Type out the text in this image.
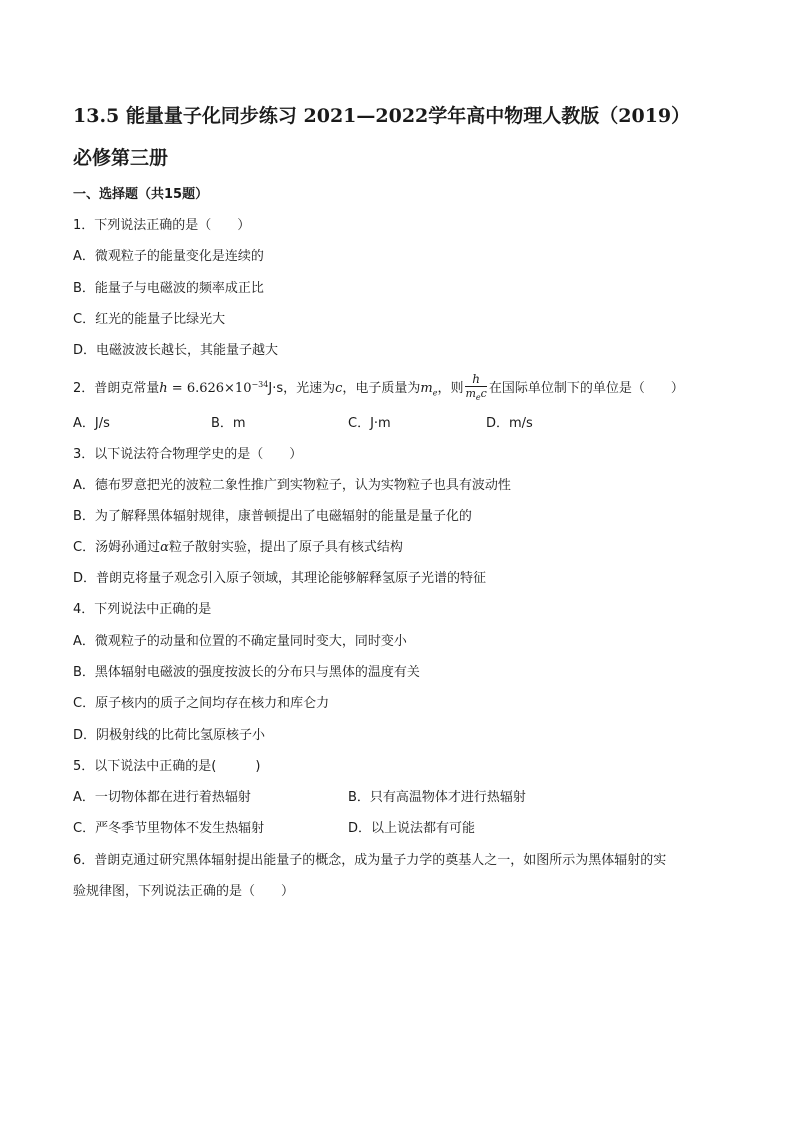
13.5 能量量子化同步练习 2021—2022学年高中物理人教版（2019）
必修第三册
一、选择题（共15题）
1．下列说法正确的是（　　）
A．微观粒子的能量变化是连续的
B．能量子与电磁波的频率成正比
C．红光的能量子比绿光大
D．电磁波波长越长，其能量子越大
2．普朗克常量$h = 6.626\times 10^{-34}J\cdot s$，光速为c，电子质量为$m_e$，则 $\frac{h}{m_ec}$ 在国际单位制下的单位是（　　）
A．J/s	B．m	C．J·m	D．m/s
3．以下说法符合物理学史的是（　　）
A．德布罗意把光的波粒二象性推广到实物粒子，认为实物粒子也具有波动性
B．为了解释黑体辐射规律，康普顿提出了电磁辐射的能量是量子化的
C．汤姆孙通过α粒子散射实验，提出了原子具有核式结构
D．普朗克将量子观念引入原子领域，其理论能够解释氢原子光谱的特征
4．下列说法中正确的是
A．微观粒子的动量和位置的不确定量同时变大，同时变小
B．黑体辐射电磁波的强度按波长的分布只与黑体的温度有关
C．原子核内的质子之间均存在核力和库仑力
D．阴极射线的比荷比氢原核子小
5．以下说法中正确的是(　　　)
A．一切物体都在进行着热辐射	B．只有高温物体才进行热辐射
C．严冬季节里物体不发生热辐射	D．以上说法都有可能
6．普朗克通过研究黑体辐射提出能量子的概念，成为量子力学的奠基人之一，如图所示为黑体辐射的实
验规律图，下列说法正确的是（　　）
